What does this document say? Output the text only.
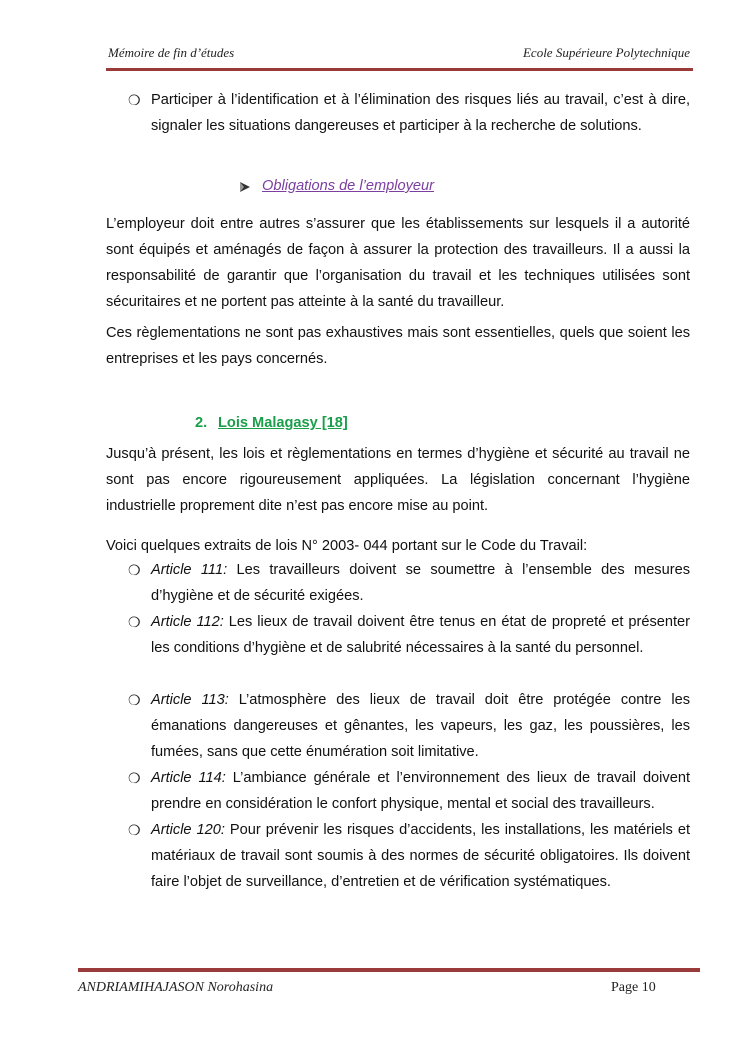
Mémoire de fin d’études	Ecole Supérieure Polytechnique
❍ Participer à l’identification et à l’élimination des risques liés au travail, c’est à dire, signaler les situations dangereuses et participer à la recherche de solutions.

Obligations de l’employeur

L’employeur doit entre autres s’assurer que les établissements sur lesquels il a autorité sont équipés et aménagés de façon à assurer la protection des travailleurs. Il a aussi la responsabilité de garantir que l’organisation du travail et les techniques utilisées sont sécuritaires et ne portent pas atteinte à la santé du travailleur.

Ces règlementations ne sont pas exhaustives mais sont essentielles, quels que soient les entreprises et les pays concernés.

2. Lois Malagasy [18]

Jusqu’à présent, les lois et règlementations en termes d’hygiène et sécurité au travail ne sont pas encore rigoureusement appliquées. La législation concernant l’hygiène industrielle proprement dite n’est pas encore mise au point.

Voici quelques extraits de lois N° 2003- 044 portant sur le Code du Travail:

❍ Article 111: Les travailleurs doivent se soumettre à l’ensemble des mesures d’hygiène et de sécurité exigées.

❍ Article 112: Les lieux de travail doivent être tenus en état de propreté et présenter les conditions d’hygiène et de salubrité nécessaires à la santé du personnel.

❍ Article 113: L’atmosphère des lieux de travail doit être protégée contre les émanations dangereuses et gênantes, les vapeurs, les gaz, les poussières, les fumées, sans que cette énumération soit limitative.

❍ Article 114: L’ambiance générale et l’environnement des lieux de travail doivent prendre en considération le confort physique, mental et social des travailleurs.

❍ Article 120: Pour prévenir les risques d’accidents, les installations, les matériels et matériaux de travail sont soumis à des normes de sécurité obligatoires. Ils doivent faire l’objet de surveillance, d’entretien et de vérification systématiques.

ANDRIAMIHAJASON Norohasina	Page 10
